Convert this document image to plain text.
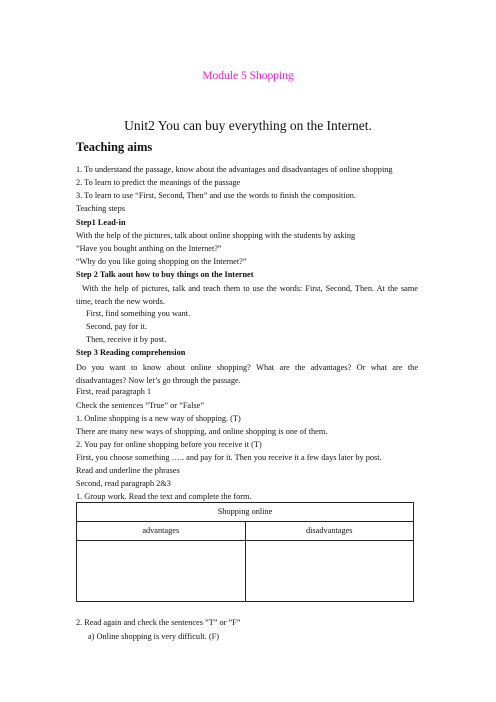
Module 5 Shopping
Unit2 You can buy everything on the Internet.
Teaching aims
1. To understand the passage, know about the advantages and disadvantages of online shopping
2. To learn to predict the meanings of the passage
3. To learn to use “First, Second, Then” and use the words to finish the composition.
Teaching steps
Step1 Lead-in
With the help of the pictures, talk about online shopping with the students by asking
”Have you bought anthing on the Internet?”
“Why do you like going shopping on the Internet?”
Step 2 Talk aout how to buy things on the Internet
With the help of pictures, talk and teach them to use the words: First, Second, Then. At the same time, teach the new words.
First, find something you want.
Second, pay for it.
Then, receive it by post.
Step 3 Reading comprehension
Do you want to know about online shopping? What are the advantages? Or what are the disadvantages? Now let’s go through the passage.
First, read paragraph 1
Check the sentences ”True” or ”False”
1. Online shopping is a new way of shopping. (T)
There are many new ways of shopping, and online shopping is one of them.
2. You pay for online shopping before you receive it (T)
First, you choose something ….. and pay for it. Then you receive it a few days later by post.
Read and underline the phrases
Second, read paragraph 2&3
1. Group work. Read the text and complete the form.
Shopping online
advantages	disadvantages
2. Read again and check the sentences ”T” or ”F”
a) Online shopping is very difficult. (F)
